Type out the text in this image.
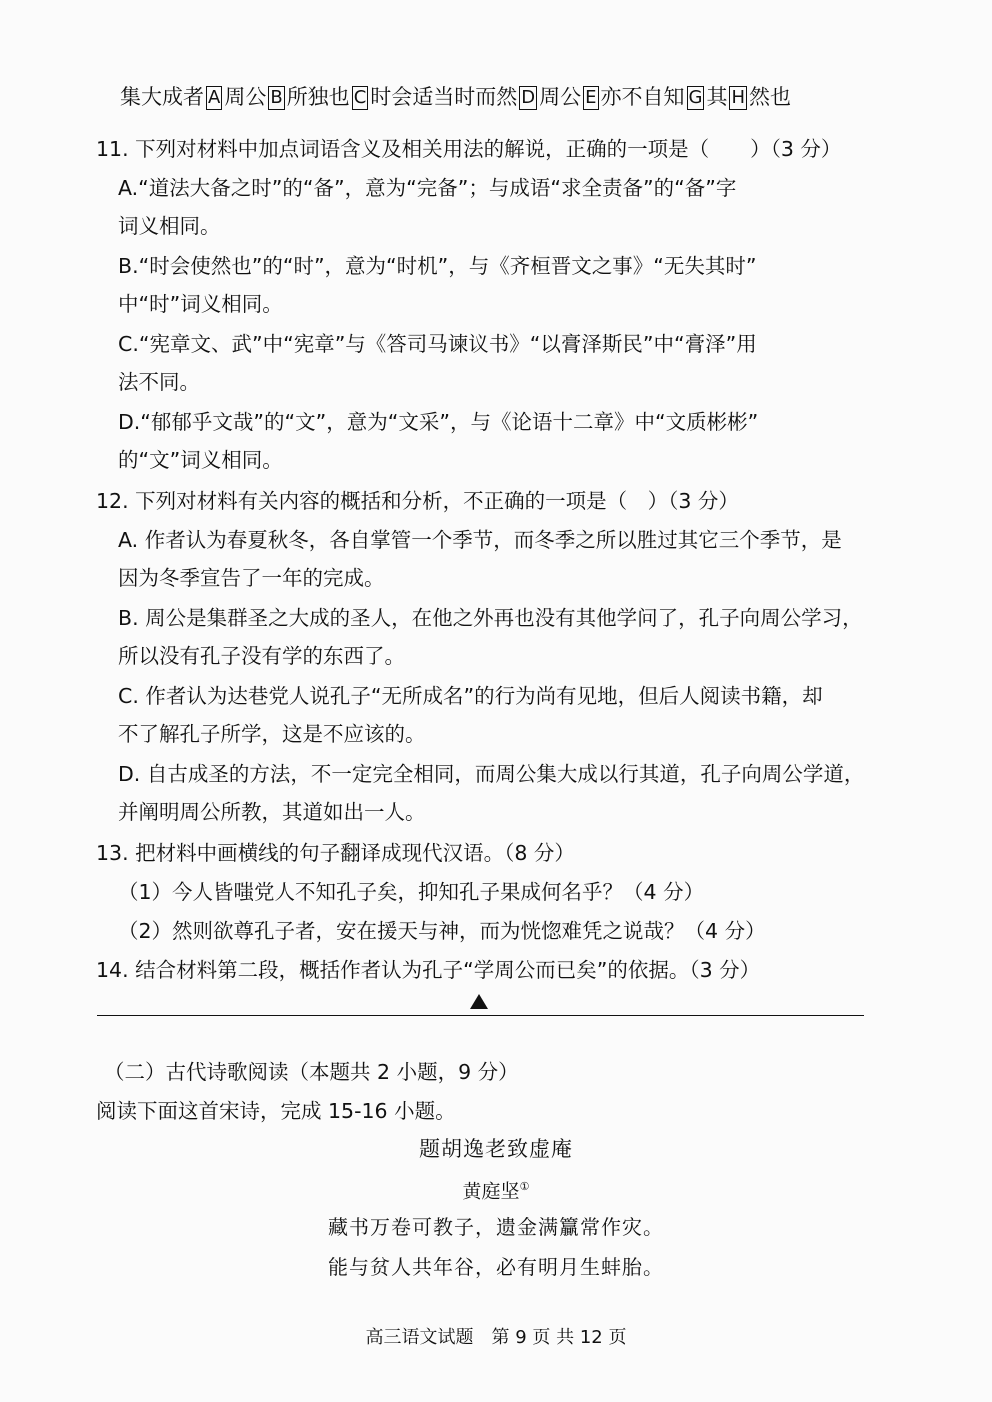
集大成者 A 周公 B 所独也 C 时会适当时而然 D 周公 E 亦不自知 G 其 H 然也
11. 下列对材料中加点词语含义及相关用法的解说，正确的一项是（　　）（3 分）
A.“道法大备之时”的“备”，意为“完备”；与成语“求全责备”的“备”字
词义相同。
B.“时会使然也”的“时”，意为“时机”，与《齐桓晋文之事》“无失其时”
中“时”词义相同。
C.“宪章文、武”中“宪章”与《答司马谏议书》“以膏泽斯民”中“膏泽”用
法不同。
D.“郁郁乎文哉”的“文”，意为“文采”，与《论语十二章》中“文质彬彬”
的“文”词义相同。
12. 下列对材料有关内容的概括和分析，不正确的一项是（　）（3 分）
A. 作者认为春夏秋冬，各自掌管一个季节，而冬季之所以胜过其它三个季节，是
因为冬季宣告了一年的完成。
B. 周公是集群圣之大成的圣人，在他之外再也没有其他学问了，孔子向周公学习，
所以没有孔子没有学的东西了。
C. 作者认为达巷党人说孔子“无所成名”的行为尚有见地，但后人阅读书籍，却
不了解孔子所学，这是不应该的。
D. 自古成圣的方法，不一定完全相同，而周公集大成以行其道，孔子向周公学道，
并阐明周公所教，其道如出一人。
13. 把材料中画横线的句子翻译成现代汉语。（8 分）
（1）今人皆嗤党人不知孔子矣，抑知孔子果成何名乎？（4 分）
（2）然则欲尊孔子者，安在援天与神，而为恍惚难凭之说哉？（4 分）
14. 结合材料第二段，概括作者认为孔子“学周公而已矣”的依据。（3 分）
（二）古代诗歌阅读（本题共 2 小题，9 分）
阅读下面这首宋诗，完成 15-16 小题。
题胡逸老致虚庵
黄庭坚①
藏书万卷可教子，遗金满籯常作灾。
能与贫人共年谷，必有明月生蚌胎。
高三语文试题　第 9 页 共 12 页
